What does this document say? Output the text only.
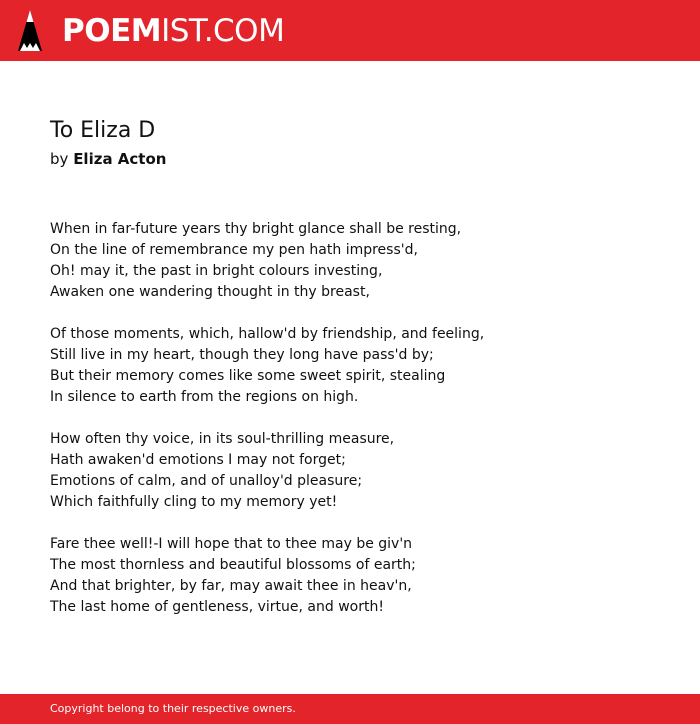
POEMIST.COM
To Eliza D
by Eliza Acton
When in far-future years thy bright glance shall be resting,
On the line of remembrance my pen hath impress'd,
Oh! may it, the past in bright colours investing,
Awaken one wandering thought in thy breast,
Of those moments, which, hallow'd by friendship, and feeling,
Still live in my heart, though they long have pass'd by;
But their memory comes like some sweet spirit, stealing
In silence to earth from the regions on high.
How often thy voice, in its soul-thrilling measure,
Hath awaken'd emotions I may not forget;
Emotions of calm, and of unalloy'd pleasure;
Which faithfully cling to my memory yet!
Fare thee well!-I will hope that to thee may be giv'n
The most thornless and beautiful blossoms of earth;
And that brighter, by far, may await thee in heav'n,
The last home of gentleness, virtue, and worth!
Copyright belong to their respective owners.
